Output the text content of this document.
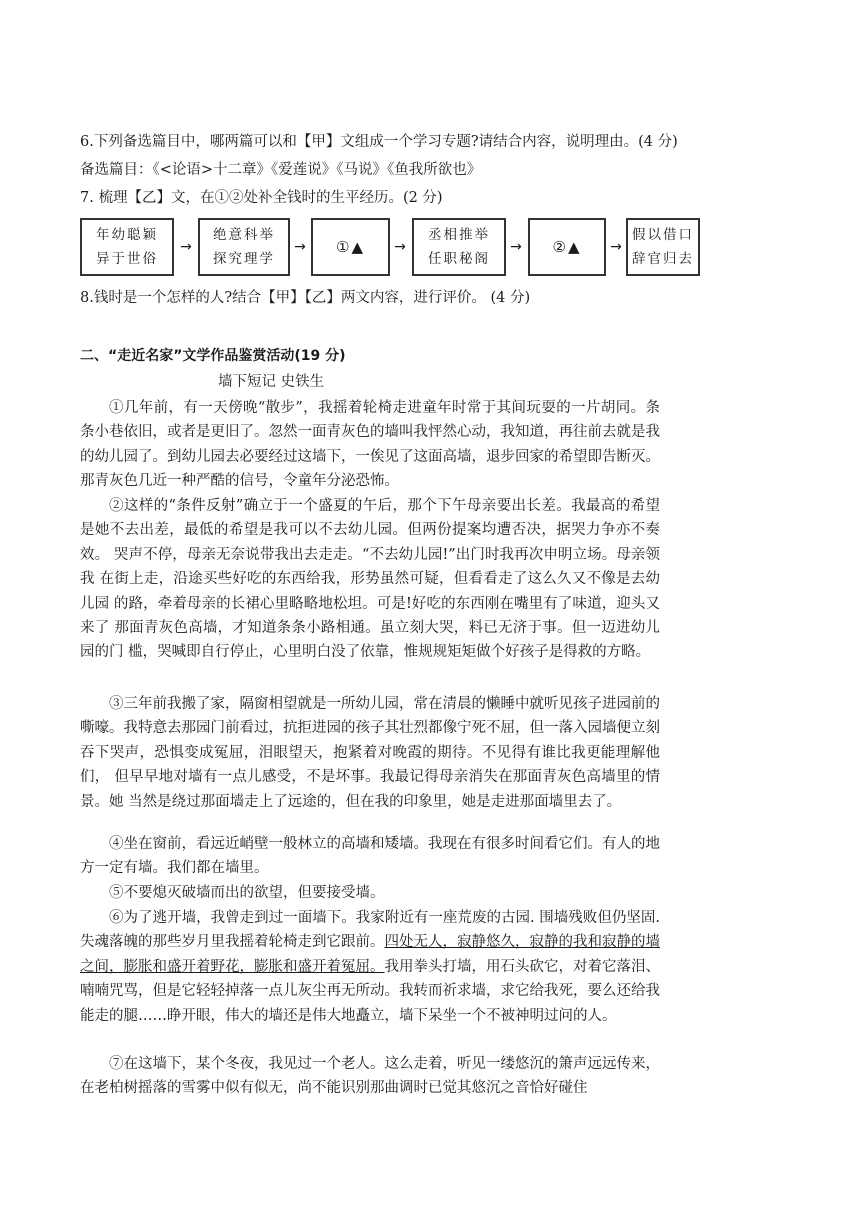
6.下列备选篇目中，哪两篇可以和【甲】文组成一个学习专题?请结合内容，说明理由。(4 分)
备选篇目：《<论语>十二章》《爱莲说》《马说》《鱼我所欲也》
7. 梳理【乙】文，在①②处补全钱时的生平经历。(2 分)
年幼聪颖
异于世俗
→
绝意科举
探究理学
→ ①▲ →
丞相推举
任职秘阁
→ ②▲ →
假以借口
辞官归去
8.钱时是一个怎样的人?结合【甲】【乙】两文内容，进行评价。 (4 分)
二、“走近名家”文学作品鉴赏活动(19 分)
墙下短记 史铁生

①几年前，有一天傍晚“散步”，我摇着轮椅走进童年时常于其间玩耍的一片胡同。条 条小巷依旧，或者是更旧了。忽然一面青灰色的墙叫我怦然心动，我知道，再往前去就是我 的幼儿园了。到幼儿园去必要经过这墙下，一俟见了这面高墙，退步回家的希望即告断灭。 那青灰色几近一种严酷的信号，令童年分泌恐怖。

②这样的“条件反射”确立于一个盛夏的午后，那个下午母亲要出长差。我最高的希望 是她不去出差，最低的希望是我可以不去幼儿园。但两份提案均遭否决，据哭力争亦不奏效。 哭声不停，母亲无奈说带我出去走走。“不去幼儿园!”出门时我再次申明立场。母亲领我 在街上走，沿途买些好吃的东西给我，形势虽然可疑，但看看走了这么久又不像是去幼儿园 的路，牵着母亲的长裙心里略略地松坦。可是!好吃的东西刚在嘴里有了味道，迎头又来了 那面青灰色高墙，才知道条条小路相通。虽立刻大哭，料已无济于事。但一迈进幼儿园的门 槛，哭喊即自行停止，心里明白没了依靠，惟规规矩矩做个好孩子是得救的方略。

③三年前我搬了家，隔窗相望就是一所幼儿园，常在清晨的懒睡中就听见孩子进园前的 嘶嚎。我特意去那园门前看过，抗拒进园的孩子其壮烈都像宁死不屈，但一落入园墙便立刻 吞下哭声，恐惧变成冤屈，泪眼望天，抱紧着对晚霞的期待。不见得有谁比我更能理解他们， 但早早地对墙有一点儿感受，不是坏事。我最记得母亲消失在那面青灰色高墙里的情景。她 当然是绕过那面墙走上了远途的，但在我的印象里，她是走进那面墙里去了。

④坐在窗前，看远近峭壁一般林立的高墙和矮墙。我现在有很多时间看它们。有人的地 方一定有墙。我们都在墙里。

⑤不要熄灭破墙而出的欲望，但要接受墙。

⑥为了逃开墙，我曾走到过一面墙下。我家附近有一座荒废的古园. 围墙残败但仍坚固. 失魂落魄的那些岁月里我摇着轮椅走到它跟前。四处无人，寂静悠久，寂静的我和寂静的墙 之间，膨胀和盛开着野花，膨胀和盛开着冤屈。我用拳头打墙，用石头砍它，对着它落泪、 喃喃咒骂，但是它轻轻掉落一点儿灰尘再无所动。我转而祈求墙，求它给我死，要么还给我 能走的腿……睁开眼，伟大的墙还是伟大地矗立，墙下呆坐一个不被神明过问的人。

⑦在这墙下，某个冬夜，我见过一个老人。这么走着，听见一缕悠沉的箫声远远传来， 在老柏树摇落的雪雾中似有似无，尚不能识别那曲调时已觉其悠沉之音恰好碰住
